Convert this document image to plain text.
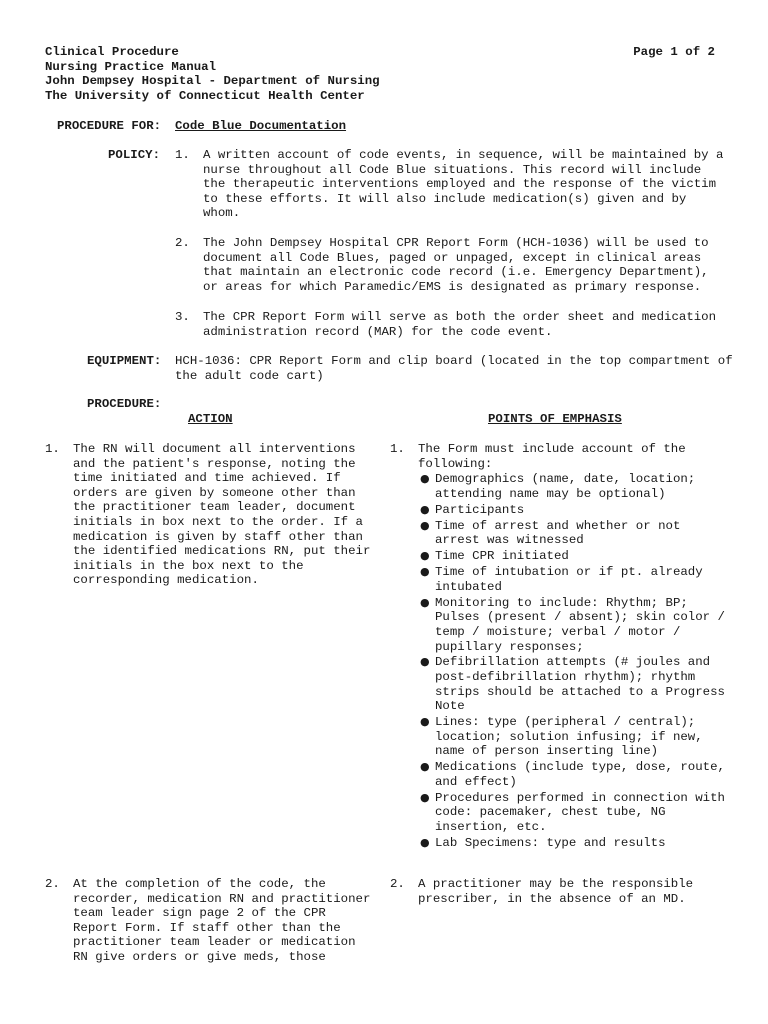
Clinical Procedure
Nursing Practice Manual
John Dempsey Hospital - Department of Nursing
The University of Connecticut Health Center
Page 1 of 2
PROCEDURE FOR: Code Blue Documentation
POLICY: 1. A written account of code events, in sequence, will be maintained by a nurse throughout all Code Blue situations. This record will include the therapeutic interventions employed and the response of the victim to these efforts. It will also include medication(s) given and by whom.
2. The John Dempsey Hospital CPR Report Form (HCH-1036) will be used to document all Code Blues, paged or unpaged, except in clinical areas that maintain an electronic code record (i.e. Emergency Department), or areas for which Paramedic/EMS is designated as primary response.
3. The CPR Report Form will serve as both the order sheet and medication administration record (MAR) for the code event.
EQUIPMENT: HCH-1036: CPR Report Form and clip board (located in the top compartment of the adult code cart)
PROCEDURE:
ACTION	POINTS OF EMPHASIS
1. The RN will document all interventions and the patient's response, noting the time initiated and time achieved. If orders are given by someone other than the practitioner team leader, document initials in box next to the order. If a medication is given by staff other than the identified medications RN, put their initials in the box next to the corresponding medication.
1. The Form must include account of the following:
● Demographics (name, date, location; attending name may be optional)
● Participants
● Time of arrest and whether or not arrest was witnessed
● Time CPR initiated
● Time of intubation or if pt. already intubated
● Monitoring to include: Rhythm; BP; Pulses (present / absent); skin color / temp / moisture; verbal / motor / pupillary responses;
● Defibrillation attempts (# joules and post-defibrillation rhythm); rhythm strips should be attached to a Progress Note
● Lines: type (peripheral / central); location; solution infusing; if new, name of person inserting line)
● Medications (include type, dose, route, and effect)
● Procedures performed in connection with code: pacemaker, chest tube, NG insertion, etc.
● Lab Specimens: type and results
2. At the completion of the code, the recorder, medication RN and practitioner team leader sign page 2 of the CPR Report Form. If staff other than the practitioner team leader or medication RN give orders or give meds, those
2. A practitioner may be the responsible prescriber, in the absence of an MD.
